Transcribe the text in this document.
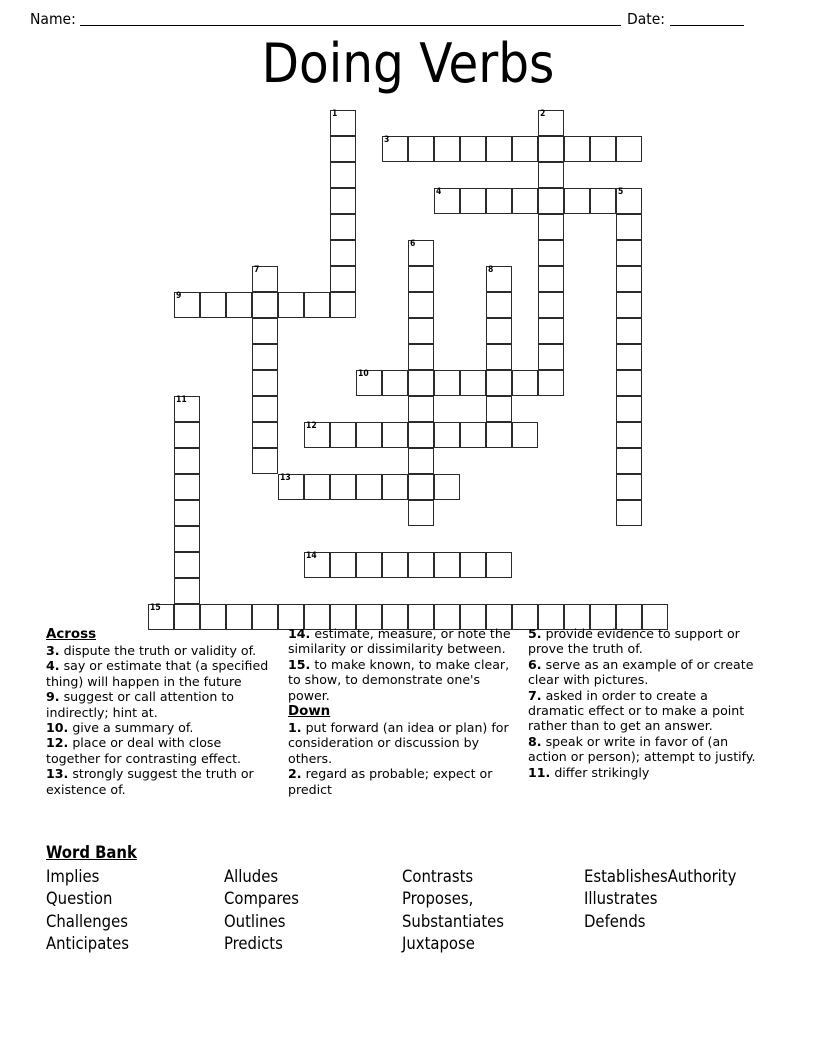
Name:	Date:
Doing Verbs
1	2
3
4	5
6
7	8
9
10
11
12
13
14
15
Across
3. dispute the truth or validity of.
4. say or estimate that (a specified thing) will happen in the future
9. suggest or call attention to indirectly; hint at.
10. give a summary of.
12. place or deal with close together for contrasting effect.
13. strongly suggest the truth or existence of.
14. estimate, measure, or note the similarity or dissimilarity between.
15. to make known, to make clear, to show, to demonstrate one's power.
Down
1. put forward (an idea or plan) for consideration or discussion by others.
2. regard as probable; expect or predict
5. provide evidence to support or prove the truth of.
6. serve as an example of or create clear with pictures.
7. asked in order to create a dramatic effect or to make a point rather than to get an answer.
8. speak or write in favor of (an action or person); attempt to justify.
11. differ strikingly
Word Bank
Implies	Alludes	Contrasts	EstablishesAuthority
Question	Compares	Proposes,	Illustrates
Challenges	Outlines	Substantiates	Defends
Anticipates	Predicts	Juxtapose
